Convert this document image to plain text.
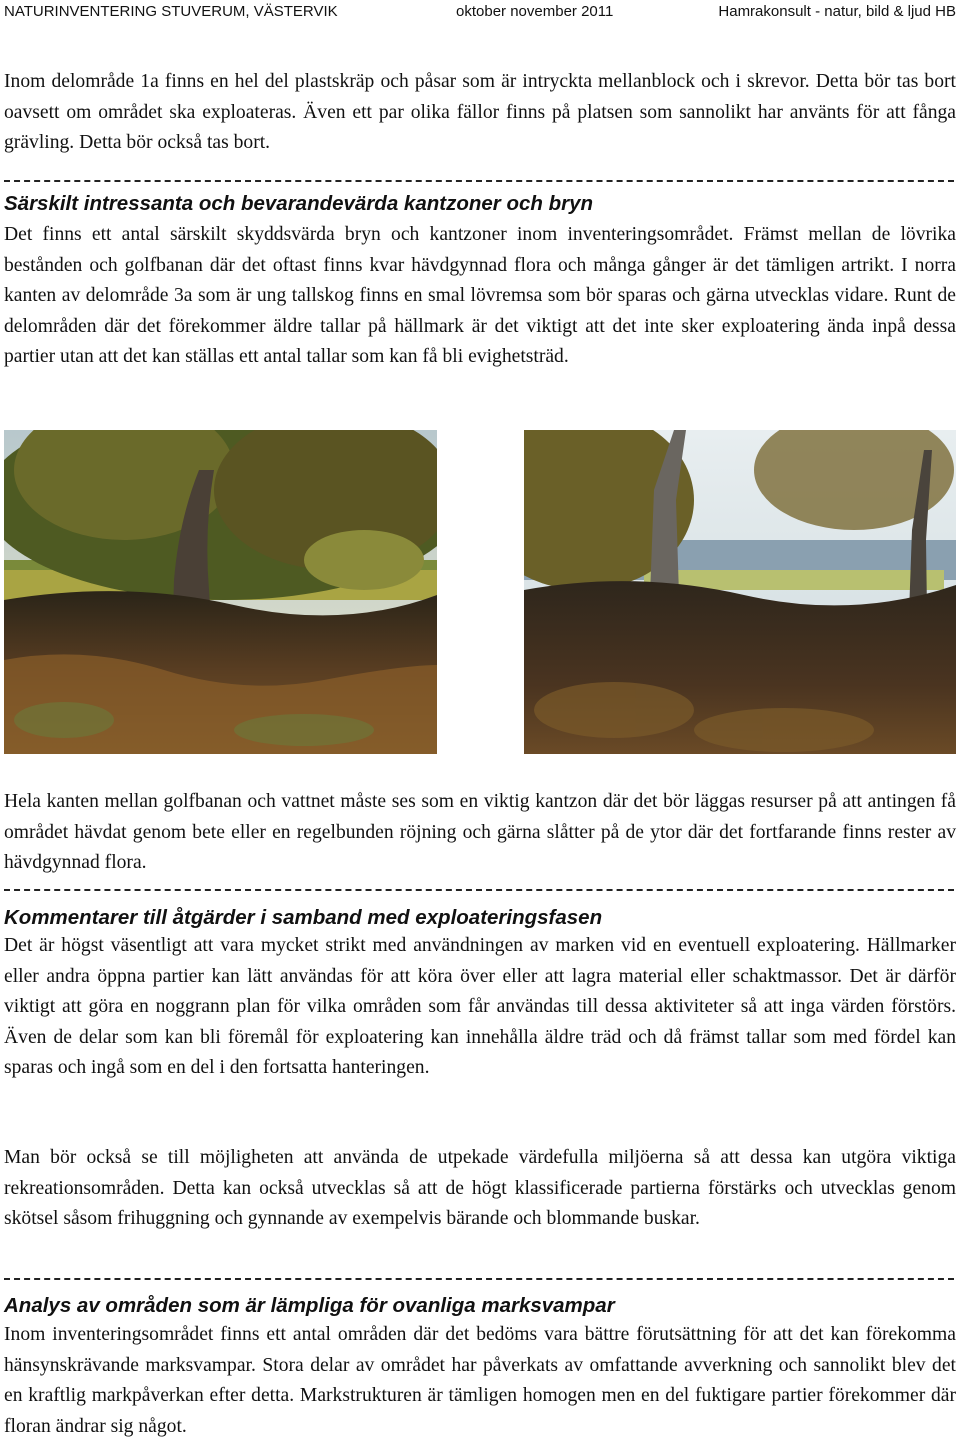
NATURINVENTERING STUVERUM, VÄSTERVIK	oktober november 2011	Hamrakonsult - natur, bild & ljud HB

Inom delområde 1a finns en hel del plastskräp och påsar som är intryckta mellanblock och i skrevor. Detta bör tas bort oavsett om området ska exploateras. Även ett par olika fällor finns på platsen som sannolikt har använts för att fånga grävling. Detta bör också tas bort.

Särskilt intressanta och bevarandevärda kantzoner och bryn

Det finns ett antal särskilt skyddsvärda bryn och kantzoner inom inventeringsområdet. Främst mellan de lövrika bestånden och golfbanan där det oftast finns kvar hävdgynnad flora och många gånger är det tämligen artrikt. I norra kanten av delområde 3a som är ung tallskog finns en smal lövremsa som bör sparas och gärna utvecklas vidare. Runt de delområden där det förekommer äldre tallar på hällmark är det viktigt att det inte sker exploatering ända inpå dessa partier utan att det kan ställas ett antal tallar som kan få bli evighetsträd.

Hela kanten mellan golfbanan och vattnet måste ses som en viktig kantzon där det bör läggas resurser på att antingen få området hävdat genom bete eller en regelbunden röjning och gärna slåtter på de ytor där det fortfarande finns rester av hävdgynnad flora.

Kommentarer till åtgärder i samband med exploateringsfasen

Det är högst väsentligt att vara mycket strikt med användningen av marken vid en eventuell exploatering. Hällmarker eller andra öppna partier kan lätt användas för att köra över eller att lagra material eller schaktmassor. Det är därför viktigt att göra en noggrann plan för vilka områden som får användas till dessa aktiviteter så att inga värden förstörs. Även de delar som kan bli föremål för exploatering kan innehålla äldre träd och då främst tallar som med fördel kan sparas och ingå som en del i den fortsatta hanteringen.

Man bör också se till möjligheten att använda de utpekade värdefulla miljöerna så att dessa kan utgöra viktiga rekreationsområden. Detta kan också utvecklas så att de högt klassificerade partierna förstärks och utvecklas genom skötsel såsom frihuggning och gynnande av exempelvis bärande och blommande buskar.

Analys av områden som är lämpliga för ovanliga marksvampar

Inom inventeringsområdet finns ett antal områden där det bedöms vara bättre förutsättning för att det kan förekomma hänsynskrävande marksvampar. Stora delar av området har påverkats av omfattande avverkning och sannolikt blev det en kraftlig markpåverkan efter detta. Markstrukturen är tämligen homogen men en del fuktigare partier förekommer där floran ändrar sig något.
